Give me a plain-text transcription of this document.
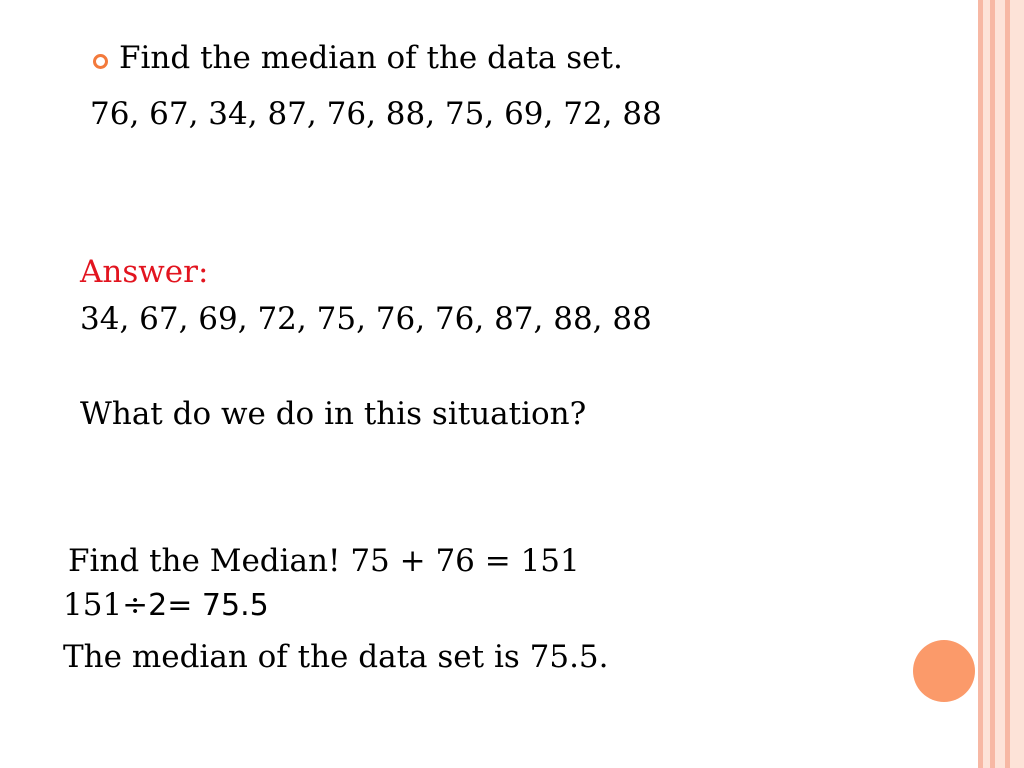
Find the median of the data set.
76, 67, 34, 87, 76, 88, 75, 69, 72, 88
Answer:
34, 67, 69, 72, 75, 76, 76, 87, 88, 88
What do we do in this situation?
Find the Median! 75 + 76 = 151
151÷2= 75.5
The median of the data set is 75.5.
